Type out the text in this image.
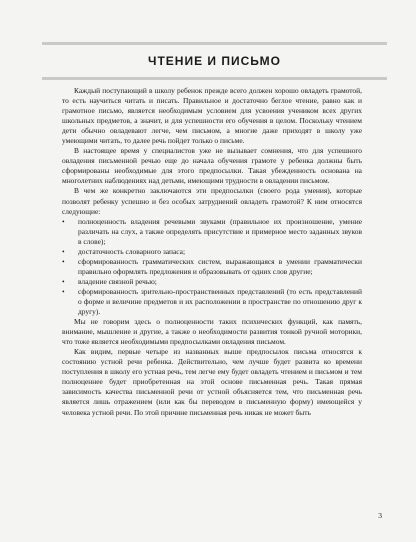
ЧТЕНИЕ И ПИСЬМО

Каждый поступающий в школу ребенок прежде всего должен хорошо овладеть грамотой, то есть научиться читать и писать. Правильное и достаточно беглое чтение, равно как и грамотное письмо, является необходимым условием для усвоения учеником всех других школьных предметов, а значит, и для успешности его обучения в целом. Поскольку чтением дети обычно овладевают легче, чем письмом, а многие даже приходят в школу уже умеющими читать, то далее речь пойдет только о письме.

В настоящее время у специалистов уже не вызывает сомнения, что для успешного овладения письменной речью еще до начала обучения грамоте у ребенка должны быть сформированы необходимые для этого предпосылки. Такая убежденность основана на многолетних наблюдениях над детьми, имеющими трудности в овладении письмом.

В чем же конкретно заключаются эти предпосылки (своего рода умения), которые позволят ребенку успешно и без особых затруднений овладеть грамотой? К ним относятся следующие:

• полноценность владения речевыми звуками (правильное их произношение, умение различать на слух, а также определять присутствие и примерное место заданных звуков в слове);
• достаточность словарного запаса;
• сформированность грамматических систем, выражающаяся в умении грамматически правильно оформлять предложения и образовывать от одних слов другие;
• владение связной речью;
• сформированность зрительно-пространственных представлений (то есть представлений о форме и величине предметов и их расположении в пространстве по отношению друг к другу).

Мы не говорим здесь о полноценности таких психических функций, как память, внимание, мышление и другие, а также о необходимости развития тонкой ручной моторики, что тоже является необходимыми предпосылками овладения письмом.

Как видим, первые четыре из названных выше предпосылок письма относятся к состоянию устной речи ребенка. Действительно, чем лучше будет развита ко времени поступления в школу его устная речь, тем легче ему будет овладеть чтением и письмом и тем полноценнее будет приобретенная на этой основе письменная речь. Такая прямая зависимость качества письменной речи от устной объясняется тем, что письменная речь является лишь отражением (или как бы переводом в письменную форму) имеющейся у человека устной речи. По этой причине письменная речь никак не может быть

3
